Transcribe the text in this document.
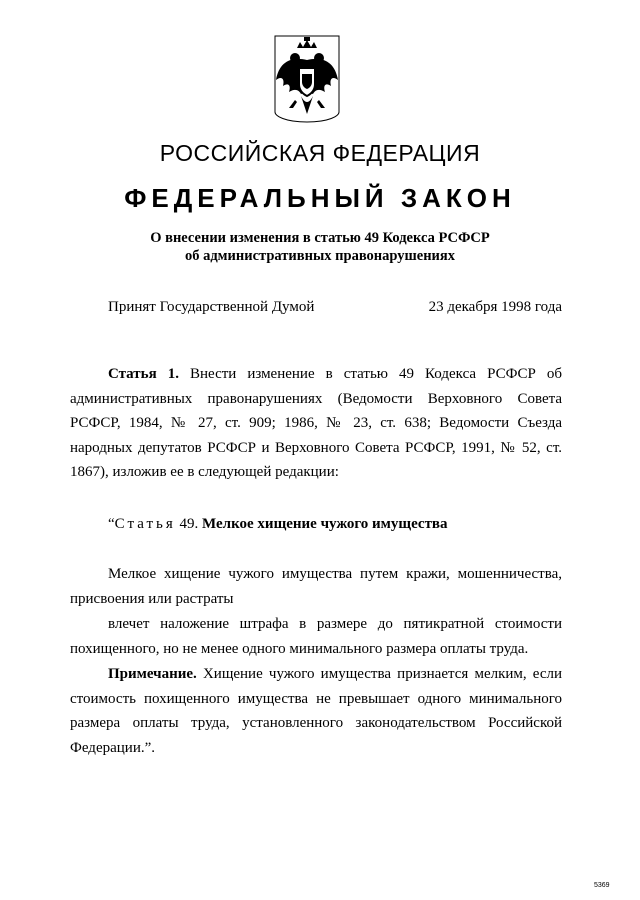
РОССИЙСКАЯ ФЕДЕРАЦИЯ
ФЕДЕРАЛЬНЫЙ ЗАКОН
О внесении изменения в статью 49 Кодекса РСФСР
об административных правонарушениях
Принят Государственной Думой	23 декабря 1998 года
Статья 1. Внести изменение в статью 49 Кодекса РСФСР об административных правонарушениях (Ведомости Верховного Совета РСФСР, 1984, № 27, ст. 909; 1986, № 23, ст. 638; Ведомости Съезда народных депутатов РСФСР и Верховного Совета РСФСР, 1991, № 52, ст. 1867), изложив ее в следующей редакции:
“Статья 49. Мелкое хищение чужого имущества
Мелкое хищение чужого имущества путем кражи, мошенничества, присвоения или растраты
влечет наложение штрафа в размере до пятикратной стоимости похищенного, но не менее одного минимального размера оплаты труда.
Примечание. Хищение чужого имущества признается мелким, если стоимость похищенного имущества не превышает одного минимального размера оплаты труда, установленного законодательством Российской Федерации.”.
5369
